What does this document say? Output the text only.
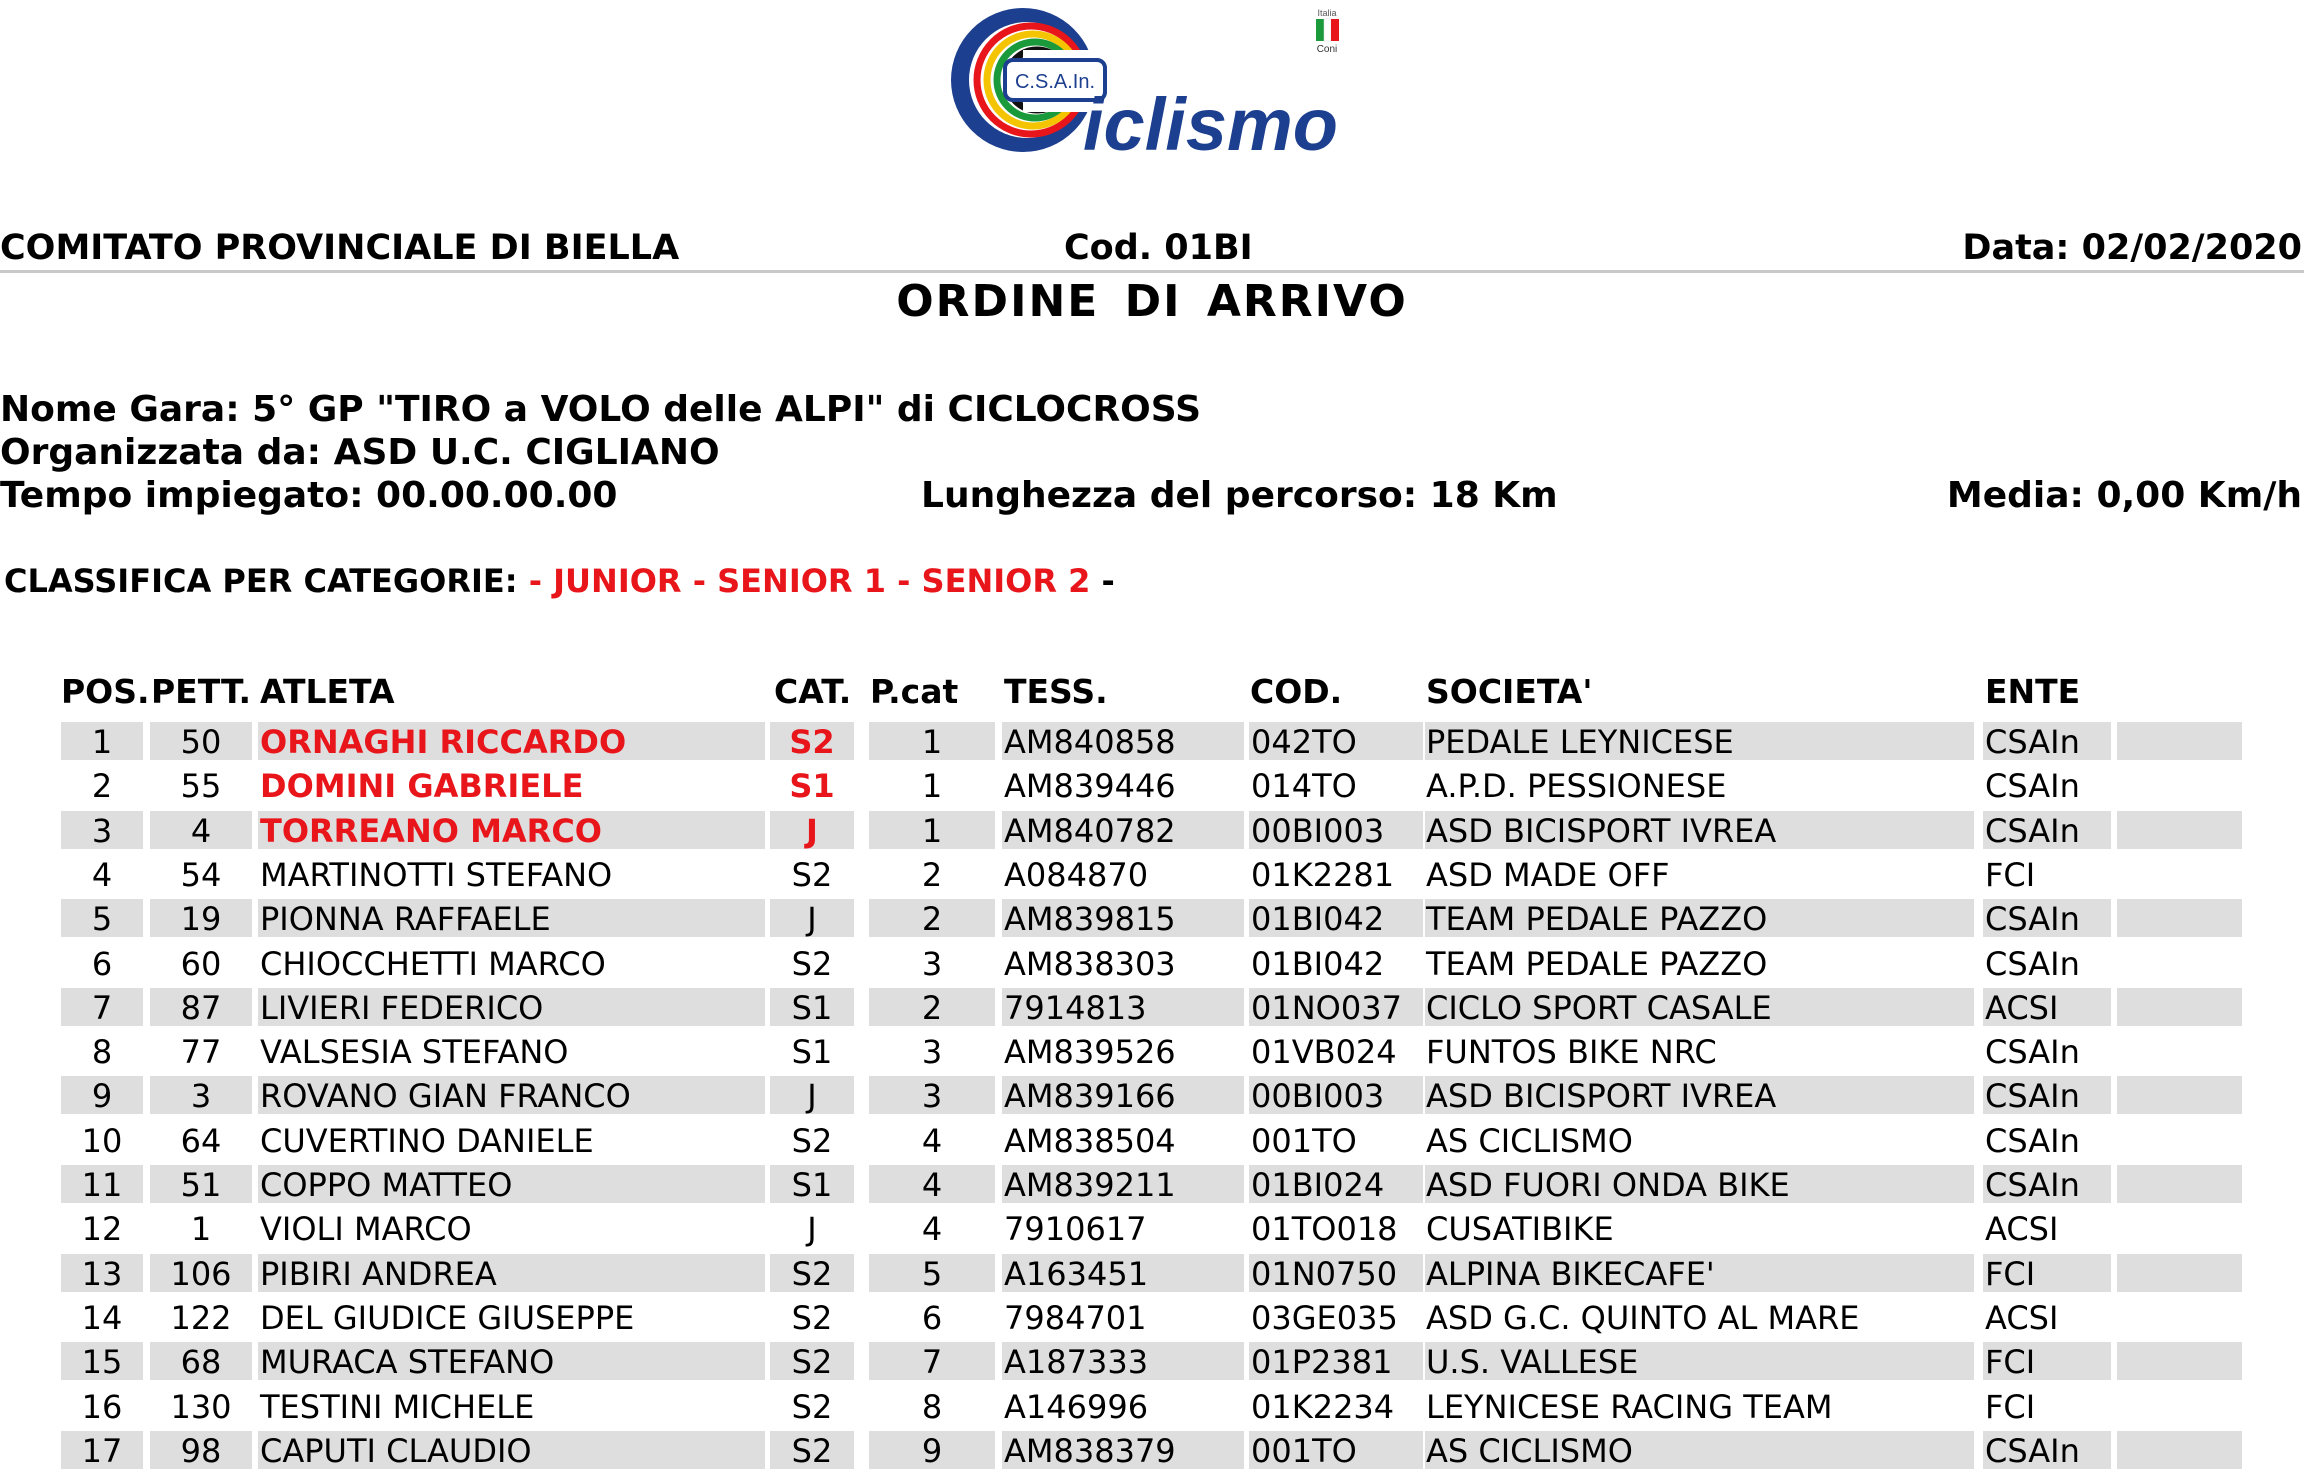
C.S.A.In.
iclismo
Italia
Coni
COMITATO PROVINCIALE DI BIELLA	Cod. 01BI	Data: 02/02/2020
ORDINE DI ARRIVO
Nome Gara: 5° GP "TIRO a VOLO delle ALPI" di CICLOCROSS
Organizzata da: ASD U.C. CIGLIANO
Tempo impiegato: 00.00.00.00	Lunghezza del percorso: 18 Km	Media: 0,00 Km/h
CLASSIFICA PER CATEGORIE: - JUNIOR - SENIOR 1 - SENIOR 2 -
POS. PETT. ATLETA	CAT. P.cat TESS.	COD.	SOCIETA'	ENTE
1	50	ORNAGHI RICCARDO	S2	1	AM840858	042TO	PEDALE LEYNICESE	CSAIn
2	55	DOMINI GABRIELE	S1	1	AM839446	014TO	A.P.D. PESSIONESE	CSAIn
3	4	TORREANO MARCO	J	1	AM840782	00BI003	ASD BICISPORT IVREA	CSAIn
4	54	MARTINOTTI STEFANO	S2	2	A084870	01K2281 ASD MADE OFF	FCI
5	19	PIONNA RAFFAELE	J	2	AM839815	01BI042	TEAM PEDALE PAZZO	CSAIn
6	60	CHIOCCHETTI MARCO	S2	3	AM838303	01BI042	TEAM PEDALE PAZZO	CSAIn
7	87	LIVIERI FEDERICO	S1	2	7914813	01NO037 CICLO SPORT CASALE	ACSI
8	77	VALSESIA STEFANO	S1	3	AM839526	01VB024 FUNTOS BIKE NRC	CSAIn
9	3	ROVANO GIAN FRANCO	J	3	AM839166	00BI003	ASD BICISPORT IVREA	CSAIn
10	64	CUVERTINO DANIELE	S2	4	AM838504	001TO	AS CICLISMO	CSAIn
11	51	COPPO MATTEO	S1	4	AM839211	01BI024	ASD FUORI ONDA BIKE	CSAIn
12	1	VIOLI MARCO	J	4	7910617	01TO018 CUSATIBIKE	ACSI
13	106 PIBIRI ANDREA	S2	5	A163451	01N0750 ALPINA BIKECAFE'	FCI
14	122 DEL GIUDICE GIUSEPPE	S2	6	7984701	03GE035 ASD G.C. QUINTO AL MARE	ACSI
15	68	MURACA STEFANO	S2	7	A187333	01P2381	U.S. VALLESE	FCI
16	130 TESTINI MICHELE	S2	8	A146996	01K2234 LEYNICESE RACING TEAM	FCI
17	98	CAPUTI CLAUDIO	S2	9	AM838379	001TO	AS CICLISMO	CSAIn
